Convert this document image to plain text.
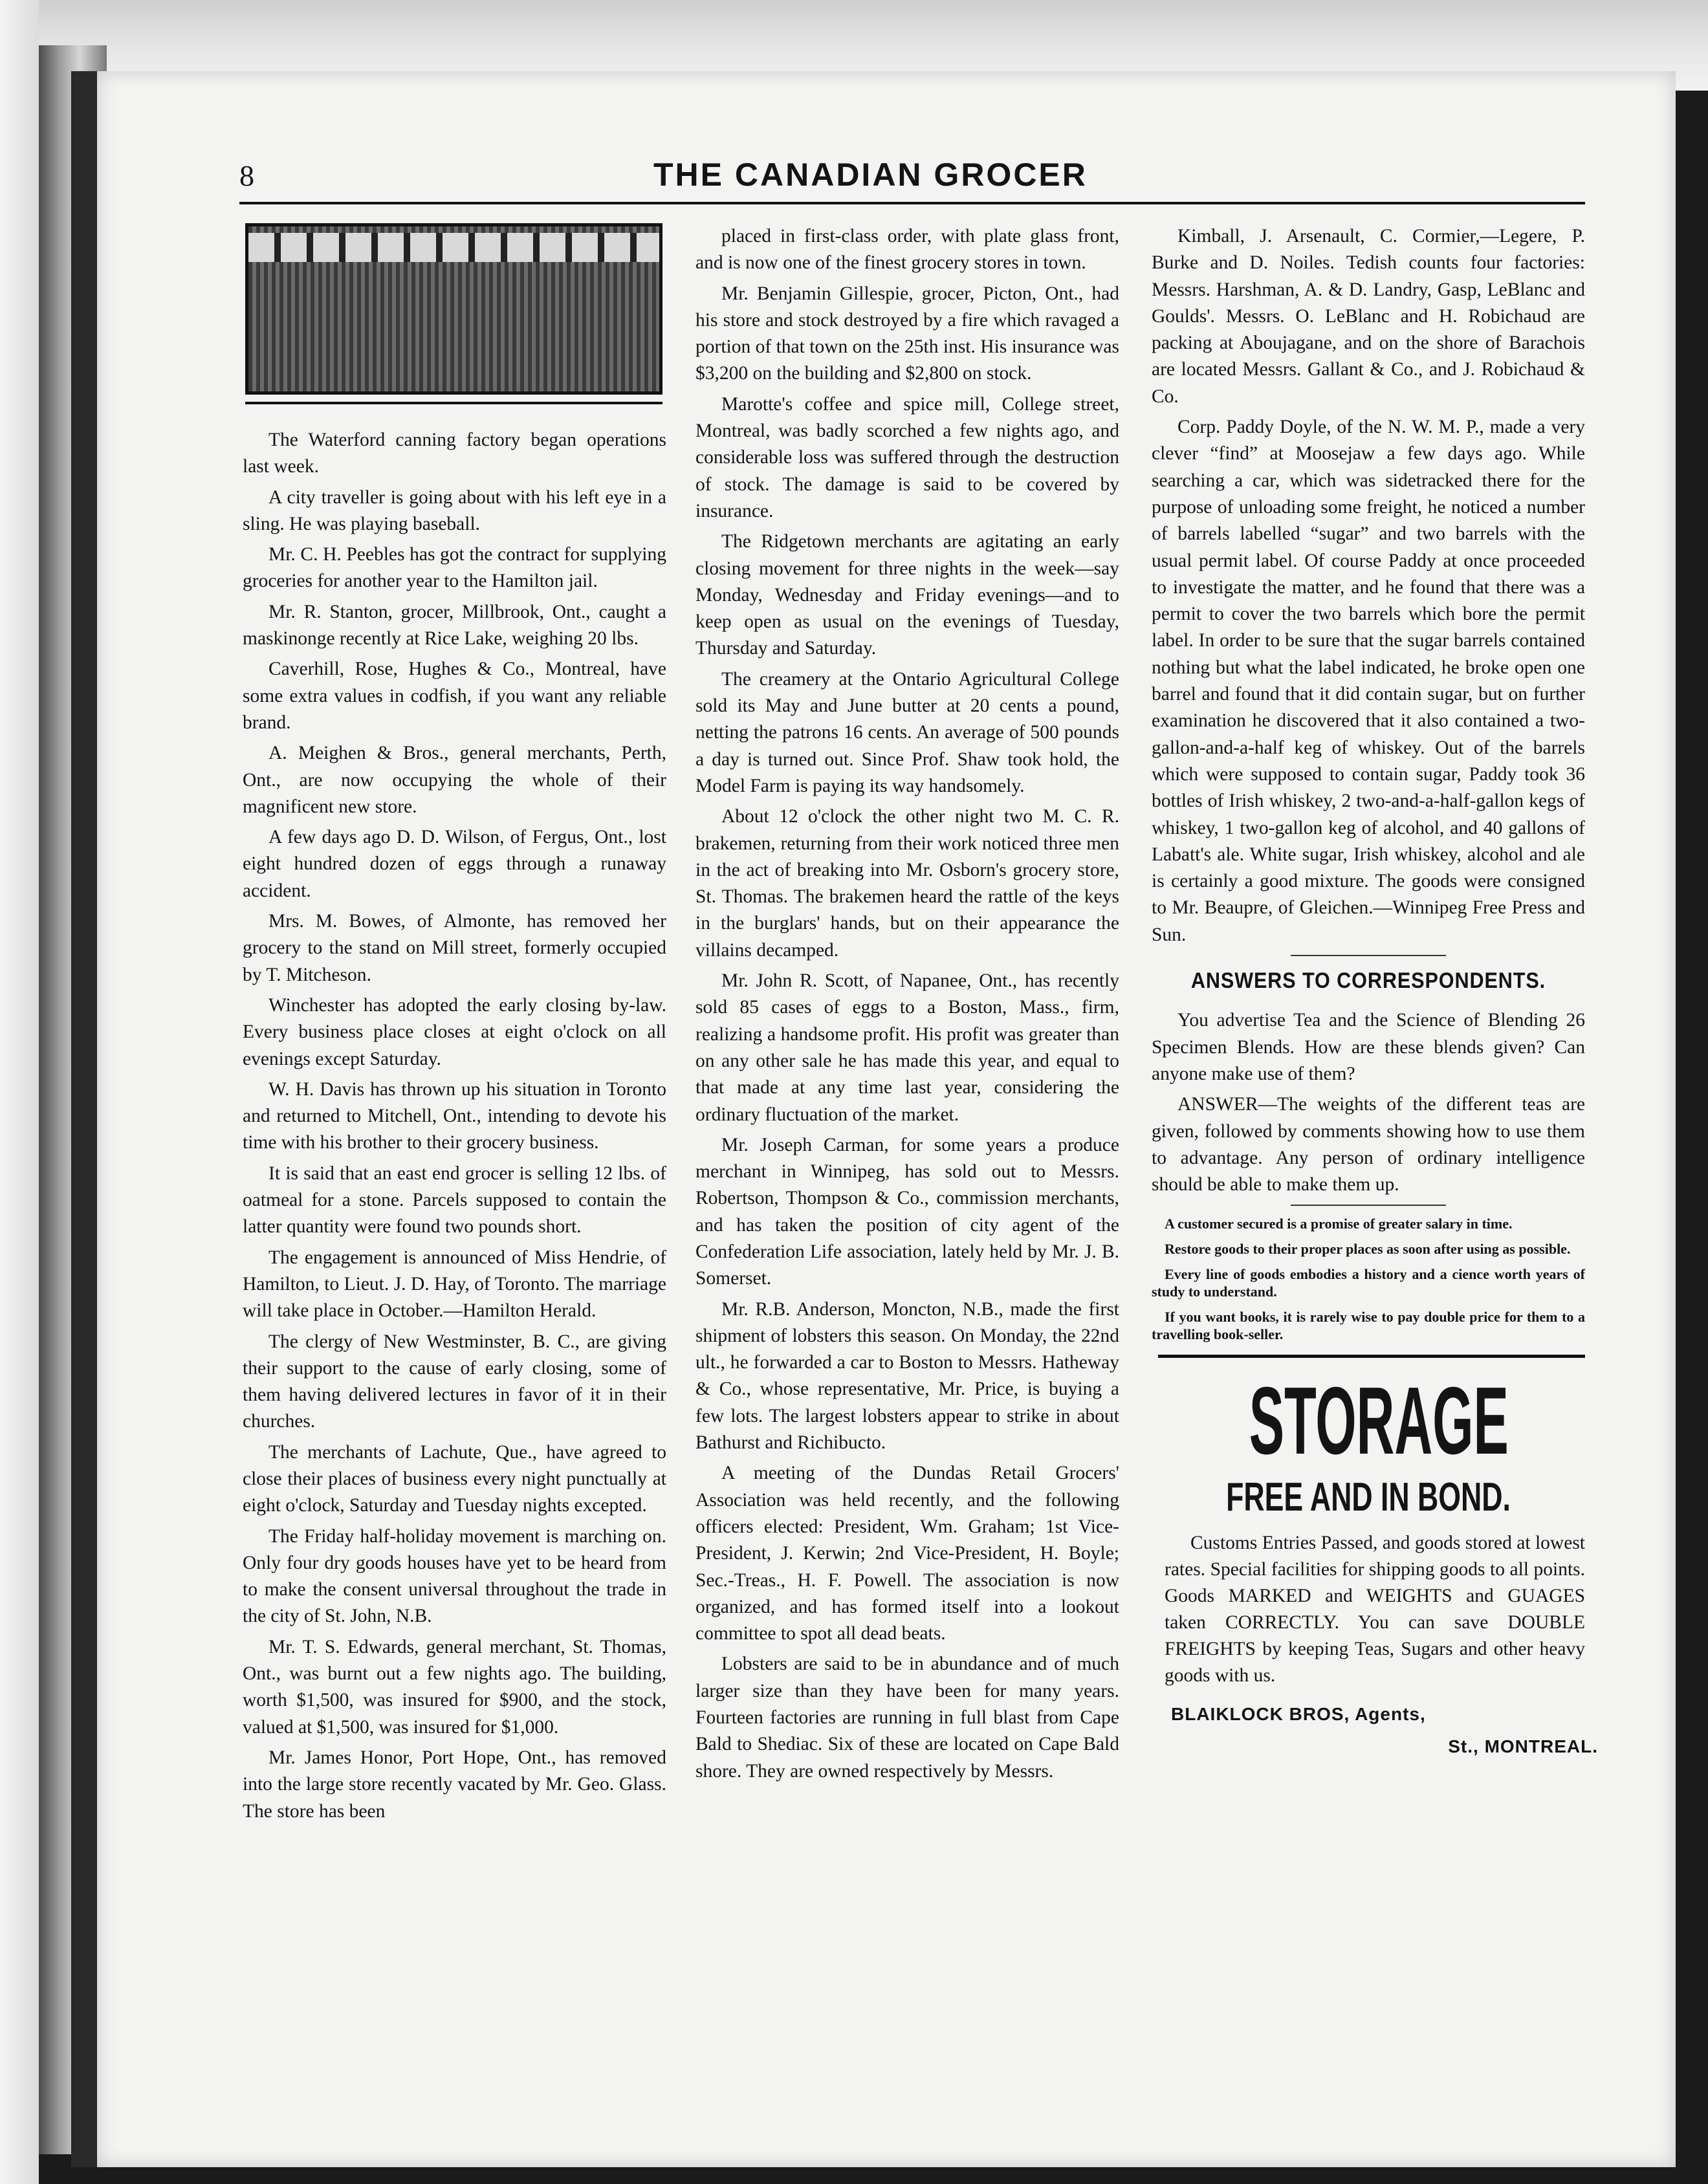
8	THE CANADIAN GROCER

The Waterford canning factory began operations last week.

A city traveller is going about with his left eye in a sling. He was playing baseball.

Mr. C. H. Peebles has got the contract for supplying groceries for another year to the Hamilton jail.

Mr. R. Stanton, grocer, Millbrook, Ont., caught a maskinonge recently at Rice Lake, weighing 20 lbs.

Caverhill, Rose, Hughes & Co., Montreal, have some extra values in codfish, if you want any reliable brand.

A. Meighen & Bros., general merchants, Perth, Ont., are now occupying the whole of their magnificent new store.

A few days ago D. D. Wilson, of Fergus, Ont., lost eight hundred dozen of eggs through a runaway accident.

Mrs. M. Bowes, of Almonte, has removed her grocery to the stand on Mill street, formerly occupied by T. Mitcheson.

Winchester has adopted the early closing by-law. Every business place closes at eight o'clock on all evenings except Saturday.

W. H. Davis has thrown up his situation in Toronto and returned to Mitchell, Ont., intending to devote his time with his brother to their grocery business.

It is said that an east end grocer is selling 12 lbs. of oatmeal for a stone. Parcels supposed to contain the latter quantity were found two pounds short.

The engagement is announced of Miss Hendrie, of Hamilton, to Lieut. J. D. Hay, of Toronto. The marriage will take place in October.—Hamilton Herald.

The clergy of New Westminster, B. C., are giving their support to the cause of early closing, some of them having delivered lectures in favor of it in their churches.

The merchants of Lachute, Que., have agreed to close their places of business every night punctually at eight o'clock, Saturday and Tuesday nights excepted.

The Friday half-holiday movement is marching on. Only four dry goods houses have yet to be heard from to make the consent universal throughout the trade in the city of St. John, N.B.

Mr. T. S. Edwards, general merchant, St. Thomas, Ont., was burnt out a few nights ago. The building, worth $1,500, was insured for $900, and the stock, valued at $1,500, was insured for $1,000.

Mr. James Honor, Port Hope, Ont., has removed into the large store recently vacated by Mr. Geo. Glass. The store has been

placed in first-class order, with plate glass front, and is now one of the finest grocery stores in town.

Mr. Benjamin Gillespie, grocer, Picton, Ont., had his store and stock destroyed by a fire which ravaged a portion of that town on the 25th inst. His insurance was $3,200 on the building and $2,800 on stock.

Marotte's coffee and spice mill, College street, Montreal, was badly scorched a few nights ago, and considerable loss was suffered through the destruction of stock. The damage is said to be covered by insurance.

The Ridgetown merchants are agitating an early closing movement for three nights in the week—say Monday, Wednesday and Friday evenings—and to keep open as usual on the evenings of Tuesday, Thursday and Saturday.

The creamery at the Ontario Agricultural College sold its May and June butter at 20 cents a pound, netting the patrons 16 cents. An average of 500 pounds a day is turned out. Since Prof. Shaw took hold, the Model Farm is paying its way handsomely.

About 12 o'clock the other night two M. C. R. brakemen, returning from their work noticed three men in the act of breaking into Mr. Osborn's grocery store, St. Thomas. The brakemen heard the rattle of the keys in the burglars' hands, but on their appearance the villains decamped.

Mr. John R. Scott, of Napanee, Ont., has recently sold 85 cases of eggs to a Boston, Mass., firm, realizing a handsome profit. His profit was greater than on any other sale he has made this year, and equal to that made at any time last year, considering the ordinary fluctuation of the market.

Mr. Joseph Carman, for some years a produce merchant in Winnipeg, has sold out to Messrs. Robertson, Thompson & Co., commission merchants, and has taken the position of city agent of the Confederation Life association, lately held by Mr. J. B. Somerset.

Mr. R.B. Anderson, Moncton, N.B., made the first shipment of lobsters this season. On Monday, the 22nd ult., he forwarded a car to Boston to Messrs. Hatheway & Co., whose representative, Mr. Price, is buying a few lots. The largest lobsters appear to strike in about Bathurst and Richibucto.

A meeting of the Dundas Retail Grocers' Association was held recently, and the following officers elected: President, Wm. Graham; 1st Vice-President, J. Kerwin; 2nd Vice-President, H. Boyle; Sec.-Treas., H. F. Powell. The association is now organized, and has formed itself into a lookout committee to spot all dead beats.

Lobsters are said to be in abundance and of much larger size than they have been for many years. Fourteen factories are running in full blast from Cape Bald to Shediac. Six of these are located on Cape Bald shore. They are owned respectively by Messrs.

Kimball, J. Arsenault, C. Cormier,—Legere, P. Burke and D. Noiles. Tedish counts four factories: Messrs. Harshman, A. & D. Landry, Gasp, LeBlanc and Goulds'. Messrs. O. LeBlanc and H. Robichaud are packing at Aboujagane, and on the shore of Barachois are located Messrs. Gallant & Co., and J. Robichaud & Co.

Corp. Paddy Doyle, of the N. W. M. P., made a very clever “find” at Moosejaw a few days ago. While searching a car, which was sidetracked there for the purpose of unloading some freight, he noticed a number of barrels labelled “sugar” and two barrels with the usual permit label. Of course Paddy at once proceeded to investigate the matter, and he found that there was a permit to cover the two barrels which bore the permit label. In order to be sure that the sugar barrels contained nothing but what the label indicated, he broke open one barrel and found that it did contain sugar, but on further examination he discovered that it also contained a two-gallon-and-a-half keg of whiskey. Out of the barrels which were supposed to contain sugar, Paddy took 36 bottles of Irish whiskey, 2 two-and-a-half-gallon kegs of whiskey, 1 two-gallon keg of alcohol, and 40 gallons of Labatt's ale. White sugar, Irish whiskey, alcohol and ale is certainly a good mixture. The goods were consigned to Mr. Beaupre, of Gleichen.—Winnipeg Free Press and Sun.

ANSWERS TO CORRESPONDENTS.

You advertise Tea and the Science of Blending 26 Specimen Blends. How are these blends given? Can anyone make use of them?

ANSWER—The weights of the different teas are given, followed by comments showing how to use them to advantage. Any person of ordinary intelligence should be able to make them up.

A customer secured is a promise of greater salary in time.

Restore goods to their proper places as soon after using as possible.

Every line of goods embodies a history and a cience worth years of study to understand.

If you want books, it is rarely wise to pay double price for them to a travelling book-seller.

STORAGE
FREE AND IN BOND.

Customs Entries Passed, and goods stored at lowest rates. Special facilities for shipping goods to all points. Goods MARKED and WEIGHTS and GUAGES taken CORRECTLY. You can save DOUBLE FREIGHTS by keeping Teas, Sugars and other heavy goods with us.

BLAIKLOCK BROS, Agents,
St., MONTREAL.
